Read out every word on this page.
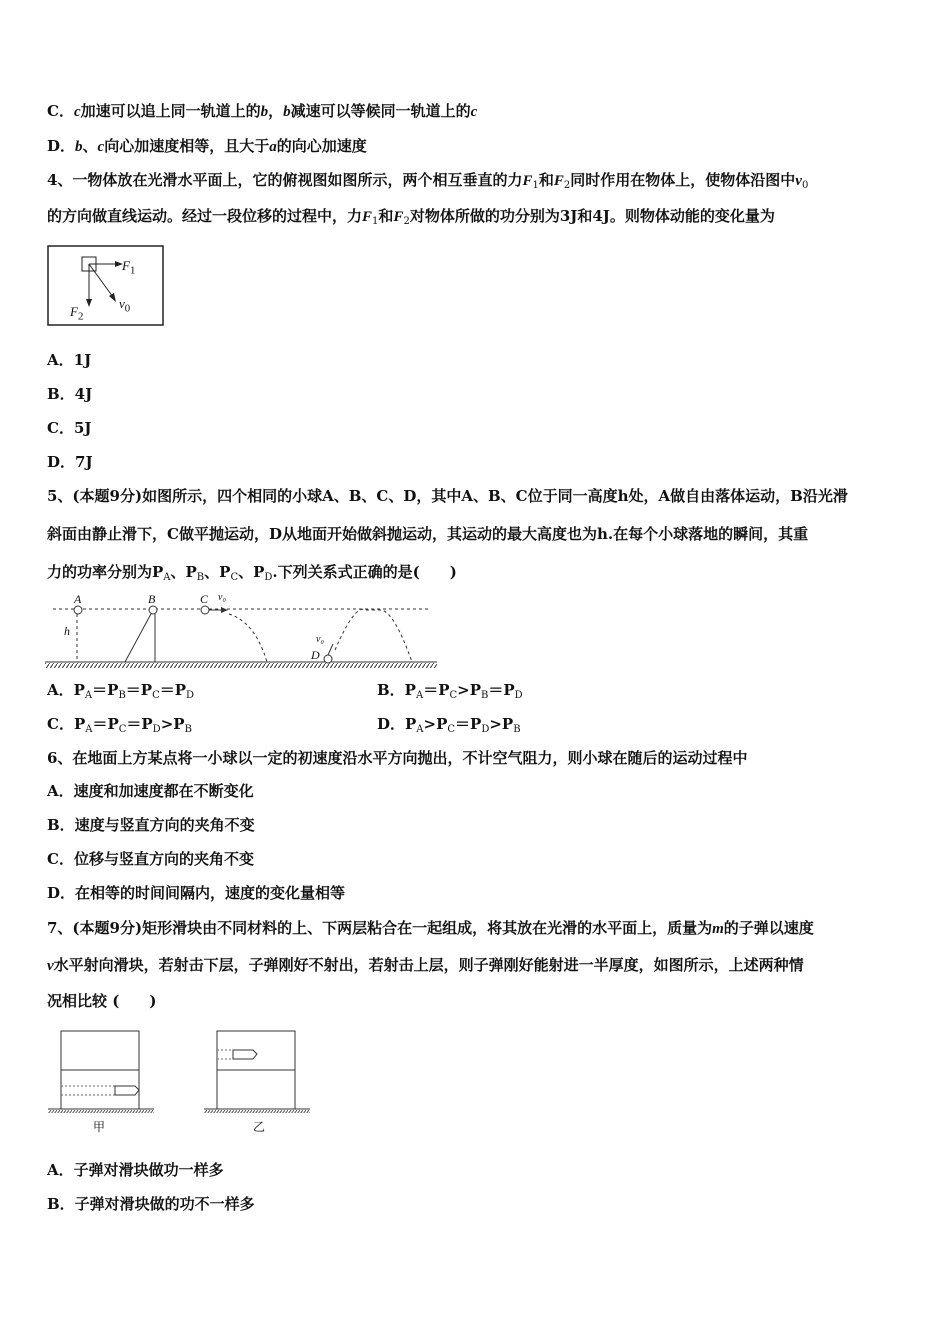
C．c加速可以追上同一轨道上的b，b减速可以等候同一轨道上的c
D．b、c向心加速度相等，且大于a的向心加速度
4、一物体放在光滑水平面上，它的俯视图如图所示，两个相互垂直的力$F_1$和$F_2$同时作用在物体上，使物体沿图中$v_0$
的方向做直线运动。经过一段位移的过程中，力$F_1$和$F_2$对物体所做的功分别为3J和4J。则物体动能的变化量为
$F_1$
$F_2$
$v_0$
A．1J
B．4J
C．5J
D．7J
5、(本题9分)如图所示，四个相同的小球A、B、C、D，其中A、B、C位于同一高度h处，A做自由落体运动，B沿光滑
斜面由静止滑下，C做平抛运动，D从地面开始做斜抛运动，其运动的最大高度也为h.在每个小球落地的瞬间，其重
力的功率分别为$P_A$、$P_B$、$P_C$、$P_D$.下列关系式正确的是(　　)
A	B	C v₀
h
D
v₀
A．$P_A=P_B=P_C=P_D$	B．$P_A=P_C>P_B=P_D$
C．$P_A=P_C=P_D>P_B$	D．$P_A>P_C=P_D>P_B$
6、在地面上方某点将一小球以一定的初速度沿水平方向抛出，不计空气阻力，则小球在随后的运动过程中
A．速度和加速度都在不断变化
B．速度与竖直方向的夹角不变
C．位移与竖直方向的夹角不变
D．在相等的时间间隔内，速度的变化量相等
7、(本题9分)矩形滑块由不同材料的上、下两层粘合在一起组成，将其放在光滑的水平面上，质量为m的子弹以速度
v水平射向滑块，若射击下层，子弹刚好不射出，若射击上层，则子弹刚好能射进一半厚度，如图所示，上述两种情
况相比较 (　　)
甲	乙
A．子弹对滑块做功一样多
B．子弹对滑块做的功不一样多
